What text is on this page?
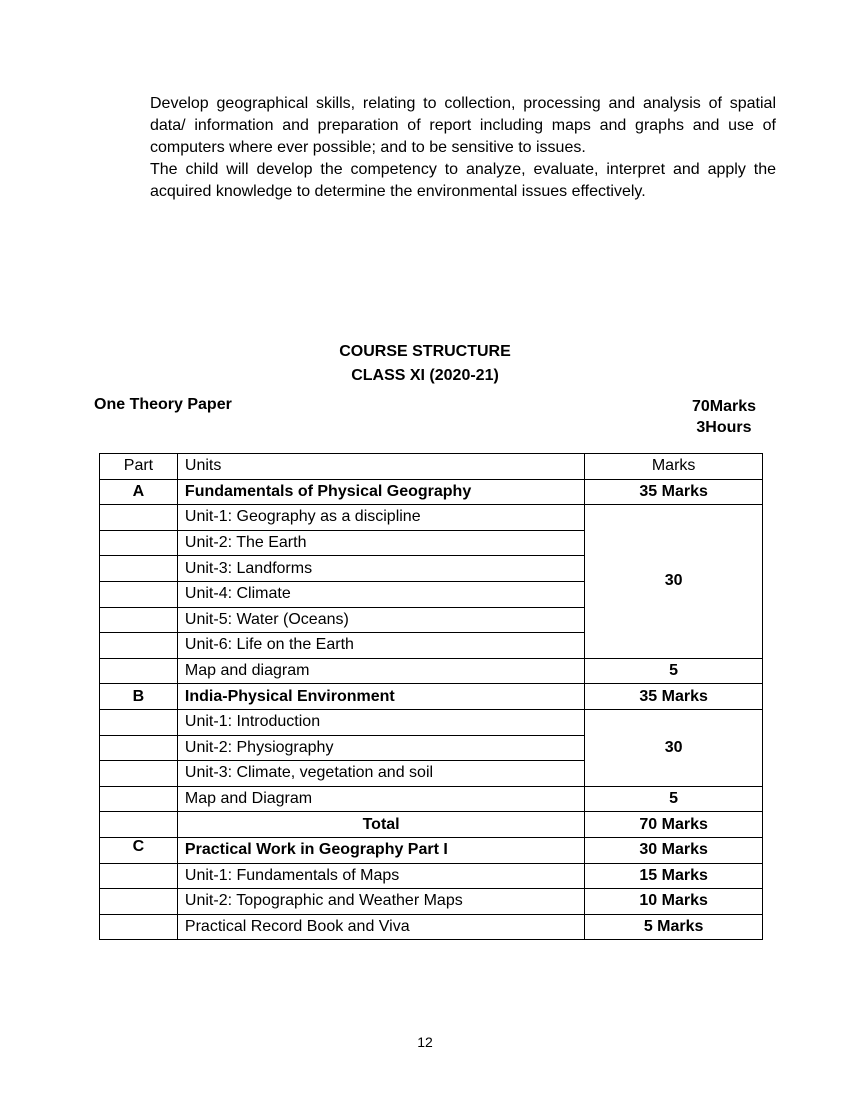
Develop geographical skills, relating to collection, processing and analysis of spatial data/ information and preparation of report including maps and graphs and use of computers where ever possible; and to be sensitive to issues.

The child will develop the competency to analyze, evaluate, interpret and apply the acquired knowledge to determine the environmental issues effectively.

COURSE STRUCTURE
CLASS XI (2020-21)
One Theory Paper	70Marks
3Hours
Part	Units	Marks
A	Fundamentals of Physical Geography	35 Marks
	Unit-1: Geography as a discipline	30
	Unit-2: The Earth	
	Unit-3: Landforms	
	Unit-4: Climate	
	Unit-5: Water (Oceans)	
	Unit-6: Life on the Earth	
	Map and diagram	5
B	India-Physical Environment	35 Marks
	Unit-1: Introduction	30
	Unit-2: Physiography	
	Unit-3: Climate, vegetation and soil	
	Map and Diagram	5
	Total	70 Marks
C	Practical Work in Geography Part I	30 Marks
	Unit-1: Fundamentals of Maps	15 Marks
	Unit-2: Topographic and Weather Maps	10 Marks
	Practical Record Book and Viva	5 Marks
12
